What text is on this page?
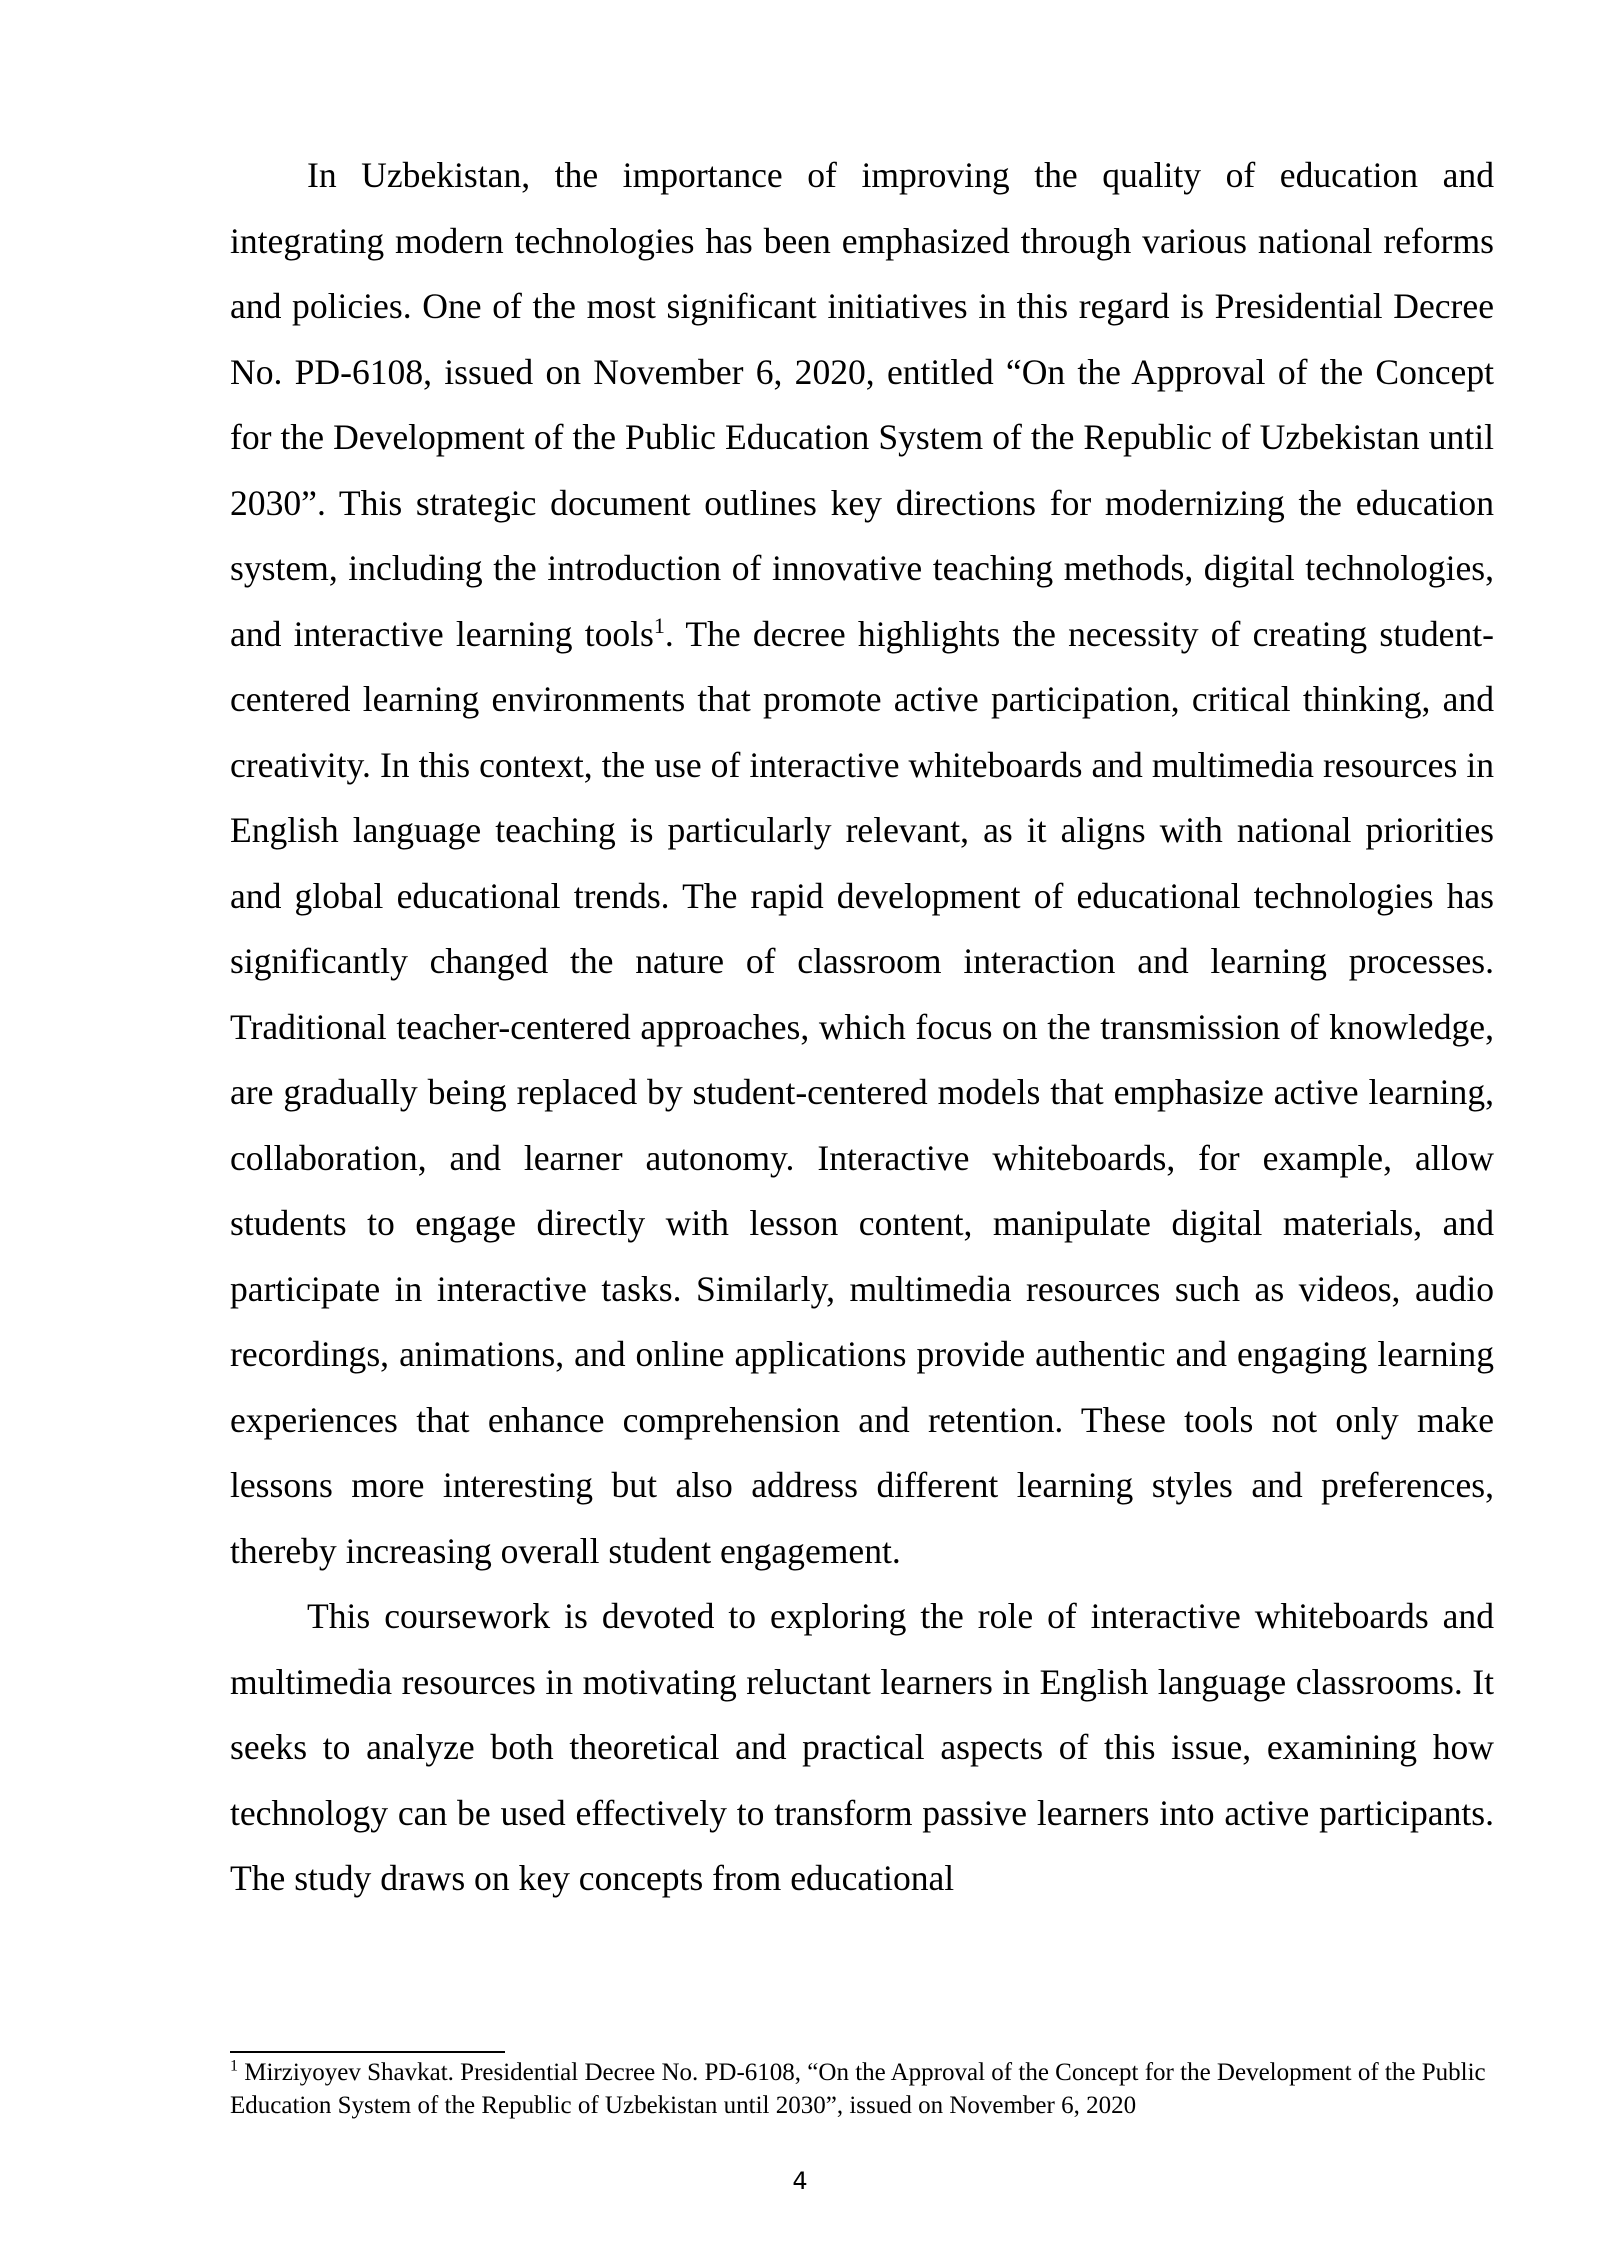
In Uzbekistan, the importance of improving the quality of education and integrating modern technologies has been emphasized through various national reforms and policies. One of the most significant initiatives in this regard is Presidential Decree No. PD-6108, issued on November 6, 2020, entitled “On the Approval of the Concept for the Development of the Public Education System of the Republic of Uzbekistan until 2030”. This strategic document outlines key directions for modernizing the education system, including the introduction of innovative teaching methods, digital technologies, and interactive learning tools$^1$. The decree highlights the necessity of creating student-centered learning environments that promote active participation, critical thinking, and creativity. In this context, the use of interactive whiteboards and multimedia resources in English language teaching is particularly relevant, as it aligns with national priorities and global educational trends. The rapid development of educational technologies has significantly changed the nature of classroom interaction and learning processes. Traditional teacher-centered approaches, which focus on the transmission of knowledge, are gradually being replaced by student-centered models that emphasize active learning, collaboration, and learner autonomy. Interactive whiteboards, for example, allow students to engage directly with lesson content, manipulate digital materials, and participate in interactive tasks. Similarly, multimedia resources such as videos, audio recordings, animations, and online applications provide authentic and engaging learning experiences that enhance comprehension and retention. These tools not only make lessons more interesting but also address different learning styles and preferences, thereby increasing overall student engagement.

This coursework is devoted to exploring the role of interactive whiteboards and multimedia resources in motivating reluctant learners in English language classrooms. It seeks to analyze both theoretical and practical aspects of this issue, examining how technology can be used effectively to transform passive learners into active participants. The study draws on key concepts from educational

$^1$ Mirziyoyev Shavkat. Presidential Decree No. PD-6108, “On the Approval of the Concept for the Development of the Public Education System of the Republic of Uzbekistan until 2030”, issued on November 6, 2020

4
